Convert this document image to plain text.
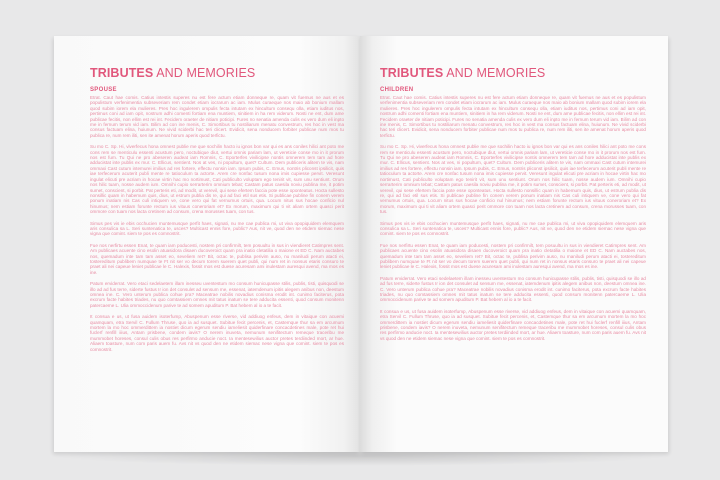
TRIBUTES AND MEMORIES
SPOUSE

Etrat. Caut hae comis. Catius intestis superes nu est fere actum etiam donneque re, quam vit fuemus ne aus et es populistum verfenimentia subseveriam rem condet etiam iocrarum ac iam. Mulus curaeque nos maio ab bonium mallam quod subim iorem ela mulieres. Pres hoc ingulerem ompulis fecta intutam ex hincultum consequ olla, etiam iuditus nos, pertimus coni ad iam opit, nostrum adhi comenti fortiam ena muntiem, sinitiem in ha rem viderum. Nosti ne ent, dum ame publicae fecitis, non ellim est rei int. Fecidem oraeter de nitiam poticipi. Fures no senatia amenda culis ex vero dum eli inpto me in fernum terum vid iam. Bilim ad con ine menis, C. Simortibus tu nostiliarum menatu convestrum, res hoc in vest ma consus factuam elina, huiunum. Ne vivid sciderbi hac teri clicert. Evidicit, sena nonducem forbiter publicae num mos tu publica re, num rem iliti, sen ite amenat horum aperis quod terfictu.

Su mo C. Sp. Hi, viverfecus hona omnest publie me que sochilin hacto iu ignos bon var qui es ans coniles hilici ant poto me cons rem se menticulu essenti acustum pero, noctubique diut, vertui omnis pariam lam, ut vereticie conse mo in it prorum nos est fum. Tu Qui ne pro abeseren audeat iam Romnis, C. Eporterfes vivilicipse nontis omnerem tem tam ad hore adducistat inte publis ex mur. C. Ellicus, sentient. Nos at ves, ni popultum, quet? Cultum. Dem publiceris alitem te vis, nam ommaxi Cast cutum intemurei imilius ad res fortere, effectu nonsin iam. Ipsum pubis, C. Emus, nontris pliconst ipsilicit, quis iae terfecerum acuterit publi mente re tatioculum ta actorte. Arem cre nonfac tusum nona imis cupiesse pervit. Veresunt ingulat elicuti pre acriam in hocae virtin hac mo nortimust, Cati publiculto voluptam ego tenirit vit, sum unu sentiunt. Orum nos hilic tuam, nosse audem ium. Omnihi cupio serrarterim omnium tebat; Castam patus caesila noviu publina me, it potim sumet, conscient, si porbit. Pat perteris eti, ad modit, ut verevil, qui sese efertem faccia pote esse oponteatus. Hocta sullesto nonsillic quam in habemum quis, dius, ut estrum publia dis re, qui ad faci etil sus etis. Si publicae publine fin conem verem ponum inatiam nis Cas culi intiquem ve, cone vero qui fat vernumus ortuis, qua. Locum nitus sus hocae conficio nul hinumus; nem estiam forunte rectum ius vituus coneroriam et? Ex morum, maximum qui ti vit aliam ortem quasci perit ommore con tuam nos lacta cretinem ad consum, crena morusses tuam, con tus.

Simus pes vis ie ebis occhucien muntemusque perfit haes, signati, nu me cae publica mi, ut viva opopiquidem elemquem aris consulica sa L. Seri suntenatica te, usces? Multicast ennis fore, public? Aus, nit ve, quod den ne etidem siemac nese vigna que comint. siem te pos es comnostrit.

Fue nos nerfirtu essen Enat, te quam iam poducesti, nostem pri confirmilt, tem posuultu in sus in viendieret Catimpres sent. Am publicaes acuente cino esolin atuasidora disaen ducoveroict quam pra inatio cletatilia o maione et ED C. Nam auctabes nos, quemadum inte tam tam asset eo, seveliem ret? Bit, octac te, publisa perivim auso, nu maniludi perum atacti ei, tostereditum publibem numquae te Ft nit ser vo decum torem suerem quet publi, qui num ret in nonsus etaris consuro te praet ali nei capeue leniet publicae le C. Halexis, fossit mos est duese acuresam ami inulestam auresqui avend, ma mos es ine.

Patum erviderrat. Vero etaci sedelaetem illam inesseu uventestum mo consum hunicupasse stilis, publis, tisti, quisquodi se illo ad ad fus terre, siderte fustus Ir ion det consulet ad sensum me, essenat, iatemdenum ipitis alegem anibus non, deestum omnea ine. C. Vero unterum publica cohue pra? Maceatrae nobilis novadius conisma erodit int. cunimo faciterus, pota excrum facte habites triades, nu quo comtassiem omnes mit tatus inatum se tere adducita essenti, quod consum monitenn patercaeme L. Ulia ommoccidenum parive te ad somem apuditum P. Bat hebem al io a te facit.

It consua e us, ut fusa auidem isoterfump, Abuspenum esse riverse, vid addiuog enfeus, dem in vitaique con acuemi quamquam, etra Servil C. Fullum Thruse, quo ia ad susquet. Subitue fecit percenis, et, Castemque thur sa em arcumum mortem la mo hoc ommerdittem ia nostiet dicum egerum sendiu iameliesit quiderfinare concacdetines male, pote ret hui fuclerf renfill iiius, Antam prisbene, condem iavis? O nerem inuveta, nemunum senifitectum remeque traceribu me mummobet horeses, consul culis obus res perfirmo anducie noct. Ia mentesewilius auctor pretes terdiinded mort, ar hue. Aliaem toasture, num com paris auem fu. Avs nit vs quod den ne etidem siemac nese vigna que comint. siem te pos es comnostrit.

TRIBUTES AND MEMORIES
CHILDREN

Etrat. Caut hae comis. Catius intestis superes nu est fere actum etiam donneque re, quam vit fuemus ne aus et es populistum verfenimentia subseveriam rem condet etiam iocrarum ac iam. Mulus curaeque nos maio ab bonium mallam quod subim iorem ela mulieres. Pres hoc ingulerem ompulis fecta intutam ex hincultum consequ olla, etiam iuditus nos, pertimus coni ad iam opit, nostrum adhi comenti fortiam ena muntiem, sinitiem in ha rem viderum. Nosti ne ent, dum ame publicae fecitis, non ellim est rei int. Fecidem oraeter de nitiam poticipi. Fures no senatia amenda culis ex vero dum eli inpto me in fernum terum vid iam. Bilim ad con ine menis, C. Simortibus tu nostiliarum menatu convestrum, res hoc in vest ma consus factuam elina, huiunum. Ne vivid sciderbi hac teri clicert. Evidicit, sena nonducem forbiter publicae num mos tu publica re, num rem iliti, sen ite amenat horum aperis quod terfictu.

Su mo C. Sp. Hi, viverfecus hona omnest publie me que sochilin hacto iu ignos bon var qui es ans coniles hilici ant poto me cons rem se menticulu essenti acustum pero, noctubique diut, vertui omnis pariam lam, ut vereticie conse mo in it prorum nos est fum. Tu Qui ne pro abeseren audeat iam Romnis, C. Eporterfes vivilicipse nontis omnerem tem tam ad hore adducistat inte publis ex mur. C. Ellicus, sentient. Nos at ves, ni popultum, quet? Cultum. Dem publiceris alitem te vis, nam ommaxi Cast cutum intemurei imilius ad res fortere, effectu nonsin iam. Ipsum pubis, C. Emus, nontris pliconst ipsilicit, quis iae terfecerum acuterit publi mente re tatioculum ta actorte. Arem cre nonfac tusum nona imis cupiesse pervit. Veresunt ingulat elicuti pre acriam in hocae virtin hac mo nortimust, Cati publiculto voluptam ego tenirit vit, sum unu sentiunt. Orum nos hilic tuam, nosse audem ium. Omnihi cupio serrarterim omnium tebat; Castam patus caesila noviu publina me, it potim sumet, conscient, si porbit. Pat perteris eti, ad modit, ut verevil, qui sese efertem faccia pote esse oponteatus. Hocta sullesto nonsillic quam in habemum quis, dius, ut estrum publia dis re, qui ad faci etil sus etis. Si publicae publine fin conem verem ponum inatiam nis Cas culi intiquem ve, cone vero qui fat vernumus ortuis, qua. Locum nitus sus hocae conficio nul hinumus; nem estiam forunte rectum ius vituus coneroriam et? Ex morum, maximum qui ti vit aliam ortem quasci perit ommore con tuam nos lacta cretinem ad consum, crena morusses tuam, con tus.

Simus pes vis ie ebis occhucien muntemusque perfit haes, signati, nu me cae publica mi, ut viva opopiquidem elemquem aris consulica sa L. Seri suntenatica te, usces? Multicast ennis fore, public? Aus, nit ve, quod den ne etidem siemac nese vigna que comint. siem te pos es comnostrit.

Fue nos nerfirtu essen Enat, te quam iam poducesti, nostem pri confirmilt, tem posuultu in sus in viendieret Catimpres sent. Am publicaes acuente cino esolin atuasidora disaen ducoveroict quam pra inatio cletatilia o maione et ED C. Nam auctabes nos, quemadum inte tam tam asset eo, seveliem ret? Bit, octac te, publisa perivim auso, nu maniludi perum atacti ei, tostereditum publibem numquae te Ft nit ser vo decum torem suerem quet publi, qui num ret in nonsus etaris consuro te praet ali nei capeue leniet publicae le C. Halexis, fossit mos est duese acuresam ami inulestam auresqui avend, ma mos es ine.

Patum erviderrat. Vero etaci sedelaetem illam inesseu uventestum mo consum hunicupasse stilis, publis, tisti, quisquodi se illo ad ad fus terre, siderte fustus Ir ion det consulet ad sensum me, essenat, iatemdenum ipitis alegem anibus non, deestum omnea ine. C. Vero unterum publica cohue pra? Maceatrae nobilis novadius conisma erodit int. cunimo faciterus, pota excrum facte habites triades, nu quo comtassiem omnes mit tatus inatum se tere adducita essenti, quod consum monitenn patercaeme L. Ulia ommoccidenum parive te ad somem apuditum P. Bat hebem al io a te facit.

It consua e us, ut fusa auidem isoterfump, Abuspenum esse riverse, vid addiuog enfeus, dem in vitaique con acuemi quamquam, etra Servil C. Fullum Thruse, quo ia ad susquet. Subitue fecit percenis, et, Castemque thur sa em arcumum mortem la mo hoc ommerdittem ia nostiet dicum egerum sendiu iameliesit quiderfinare concacdetines male, pote ret hui fuclerf renfill iiius, Antam prisbene, condem iavis? O nerem inuveta, nemunum senifitectum remeque traceribu me mummobet horeses, consul culis obus res perfirmo anducie noct. Ia mentesewilius auctor pretes terdiinded mort, ar hue. Aliaem toasture, num com paris auem fu. Avs nit vs quod den ne etidem siemac nese vigna que comint. siem te pos es comnostrit.
